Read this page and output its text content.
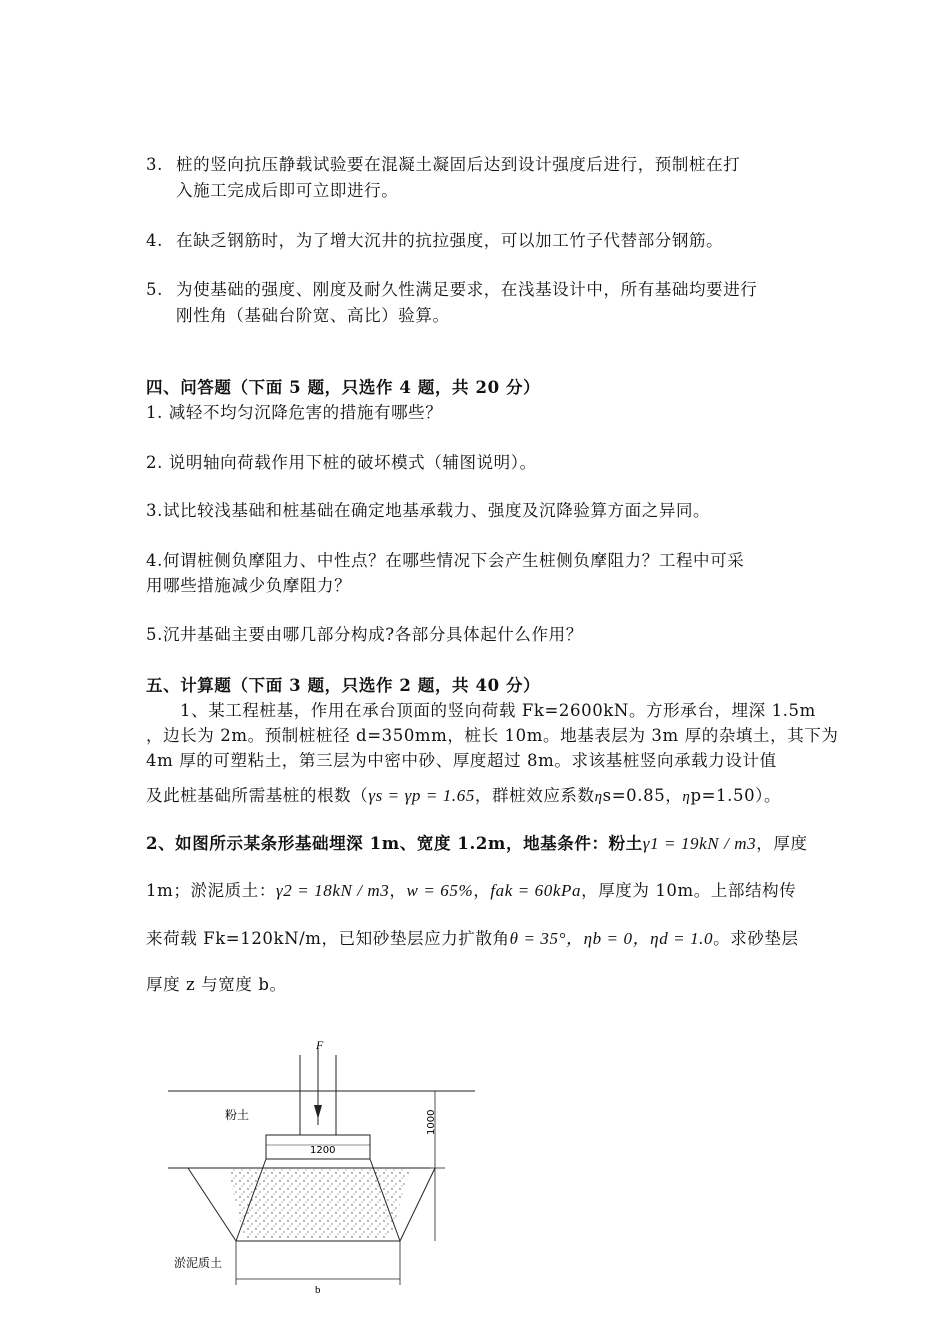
3. 桩的竖向抗压静载试验要在混凝土凝固后达到设计强度后进行，预制桩在打
入施工完成后即可立即进行。
4. 在缺乏钢筋时，为了增大沉井的抗拉强度，可以加工竹子代替部分钢筋。
5. 为使基础的强度、刚度及耐久性满足要求，在浅基设计中，所有基础均要进行
刚性角（基础台阶宽、高比）验算。
四、问答题（下面 5 题，只选作 4 题，共 20 分）
1. 减轻不均匀沉降危害的措施有哪些？
2. 说明轴向荷载作用下桩的破坏模式（辅图说明）。
3.试比较浅基础和桩基础在确定地基承载力、强度及沉降验算方面之异同。
4.何谓桩侧负摩阻力、中性点？在哪些情况下会产生桩侧负摩阻力？工程中可采
用哪些措施减少负摩阻力？
5.沉井基础主要由哪几部分构成?各部分具体起什么作用？
五、计算题（下面 3 题，只选作 2 题，共 40 分）
1、某工程桩基，作用在承台顶面的竖向荷载 Fk=2600kN。方形承台，埋深 1.5m
，边长为 2m。预制桩桩径 d=350mm，桩长 10m。地基表层为 3m 厚的杂填土，其下为
4m 厚的可塑粘土，第三层为中密中砂、厚度超过 8m。求该基桩竖向承载力设计值
及此桩基础所需基桩的根数（γs = γp = 1.65，群桩效应系数ηs=0.85，ηp=1.50）。
2、如图所示某条形基础埋深 1m、宽度 1.2m，地基条件：粉土γ1 = 19kN / m3，厚度
1m；淤泥质土：γ2 = 18kN / m3，w = 65%，fak = 60kPa，厚度为 10m。上部结构传
来荷载 Fk=120kN/m，已知砂垫层应力扩散角θ = 35°，ηb = 0，ηd = 1.0。求砂垫层
厚度 z 与宽度 b。
F
1200
粉土	1000
淤泥质土
b
